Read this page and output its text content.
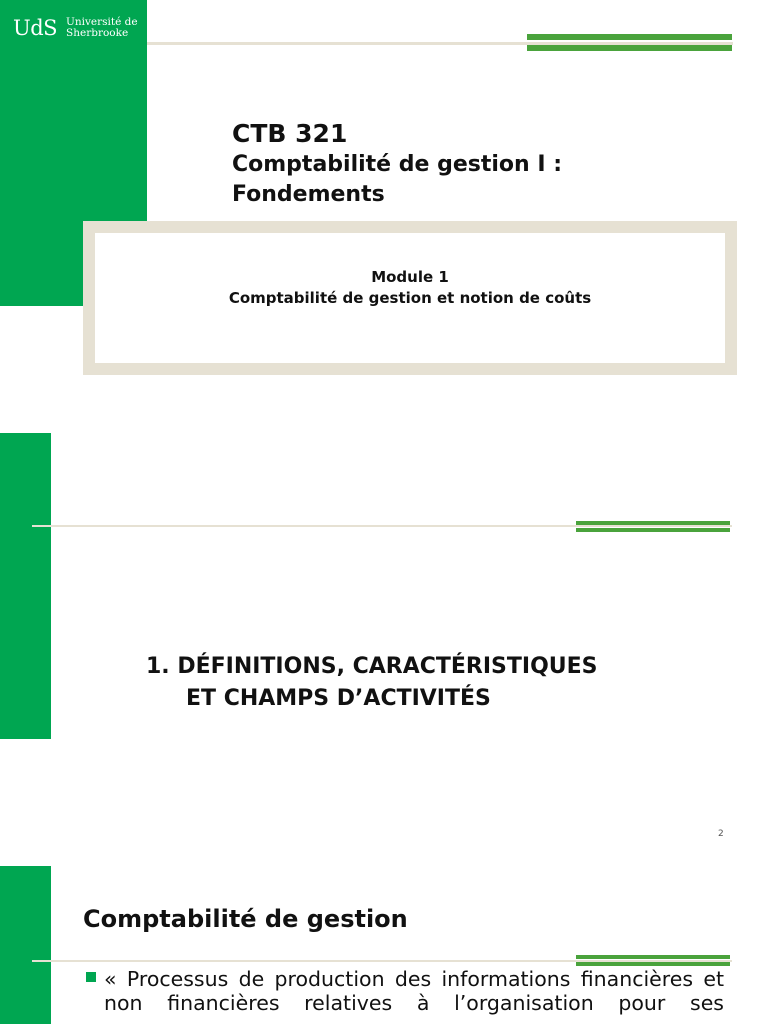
UdS Université de
Sherbrooke
CTB 321
Comptabilité de gestion I :
Fondements
Module 1
Comptabilité de gestion et notion de coûts
1. DÉFINITIONS, CARACTÉRISTIQUES
ET CHAMPS D’ACTIVITÉS
2
Comptabilité de gestion
« Processus de production des informations financières et
non financières relatives à l’organisation pour ses
